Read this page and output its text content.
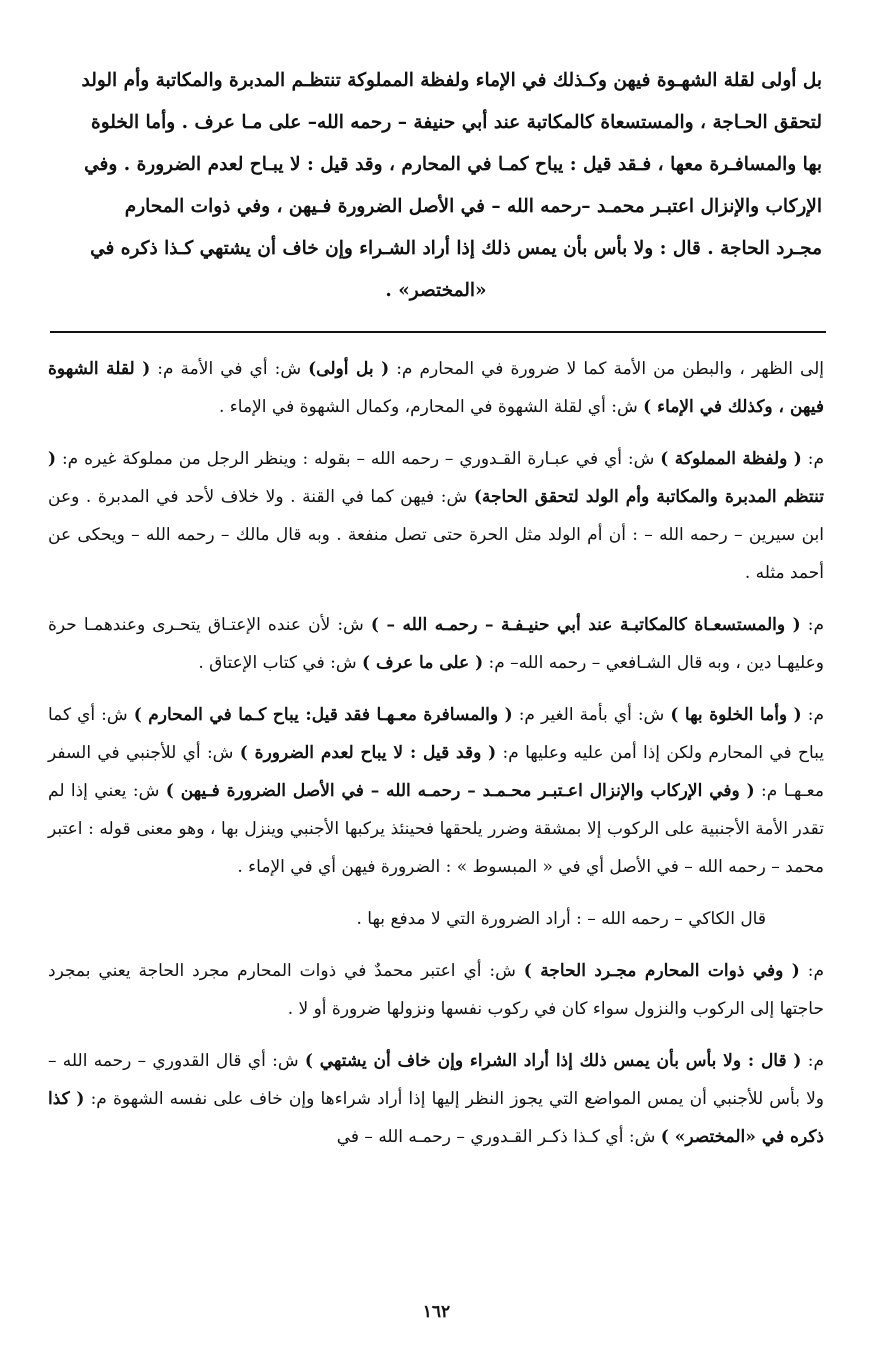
بل أولى لقلة الشهـوة فيهن وكـذلك في الإماء ولفظة المملوكة تنتظـم المدبرة والمكاتبة وأم الولد
لتحقق الحـاجة ، والمستسعاة كالمكاتبة عند أبي حنيفة – رحمه الله– على مـا عرف . وأما الخلوة
بها والمسافـرة معها ، فـقد قيل : يباح كمـا في المحارم ، وقد قيل : لا يبـاح لعدم الضرورة . وفي
الإركاب والإنزال اعتبـر محمـد –رحمه الله – في الأصل الضرورة فـيهن ، وفي ذوات المحارم
مجـرد الحاجة . قال : ولا بأس بأن يمس ذلك إذا أراد الشـراء وإن خاف أن يشتهي كـذا ذكره في
«المختصر» .

إلى الظهر ، والبطن من الأمة كما لا ضرورة في المحارم م: ( بل أولى) ش: أي في الأمة م: ( لقلة الشهوة فيهن ، وكذلك في الإماء ) ش: أي لقلة الشهوة في المحارم، وكمال الشهوة في الإماء .

م: ( ولفظة المملوكة ) ش: أي في عبـارة القـدوري – رحمه الله – بقوله : وينظر الرجل من مملوكة غيره م: ( تنتظم المدبرة والمكاتبة وأم الولد لتحقق الحاجة) ش: فيهن كما في القنة . ولا خلاف لأحد في المدبرة . وعن ابن سيرين – رحمه الله – : أن أم الولد مثل الحرة حتى تصل منفعة . وبه قال مالك – رحمه الله – ويحكى عن أحمد مثله .

م: ( والمستسعـاة كالمكاتبـة عند أبي حنيـفـة – رحمـه الله – ) ش: لأن عنده الإعتـاق يتحـرى وعندهمـا حرة وعليهـا دين ، وبه قال الشـافعي – رحمه الله– م: ( على ما عرف ) ش: في كتاب الإعتاق .

م: ( وأما الخلوة بها ) ش: أي بأمة الغير م: ( والمسافرة معـهـا فقد قيل: يباح كـما في المحارم ) ش: أي كما يباح في المحارم ولكن إذا أمن عليه وعليها م: ( وقد قيل : لا يباح لعدم الضرورة ) ش: أي للأجنبي في السفر معـهـا م: ( وفي الإركاب والإنزال اعـتبـر محـمـد – رحمـه الله – في الأصل الضرورة فـيهن ) ش: يعني إذا لم تقدر الأمة الأجنبية على الركوب إلا بمشقة وضرر يلحقها فحينئذ يركبها الأجنبي وينزل بها ، وهو معنى قوله : اعتبر محمد – رحمه الله – في الأصل أي في « المبسوط » : الضرورة فيهن أي في الإماء .

قال الكاكي – رحمه الله – : أراد الضرورة التي لا مدفع بها .

م: ( وفي ذوات المحارم مجـرد الحاجة ) ش: أي اعتبر محمدٌ في ذوات المحارم مجرد الحاجة يعني بمجرد حاجتها إلى الركوب والنزول سواء كان في ركوب نفسها ونزولها ضرورة أو لا .

م: ( قال : ولا بأس بأن يمس ذلك إذا أراد الشراء وإن خاف أن يشتهي ) ش: أي قال القدوري – رحمه الله – ولا بأس للأجنبي أن يمس المواضع التي يجوز النظر إليها إذا أراد شراءها وإن خاف على نفسه الشهوة م: ( كذا ذكره في «المختصر» ) ش: أي كـذا ذكـر القـدوري – رحمـه الله – في

١٦٢
